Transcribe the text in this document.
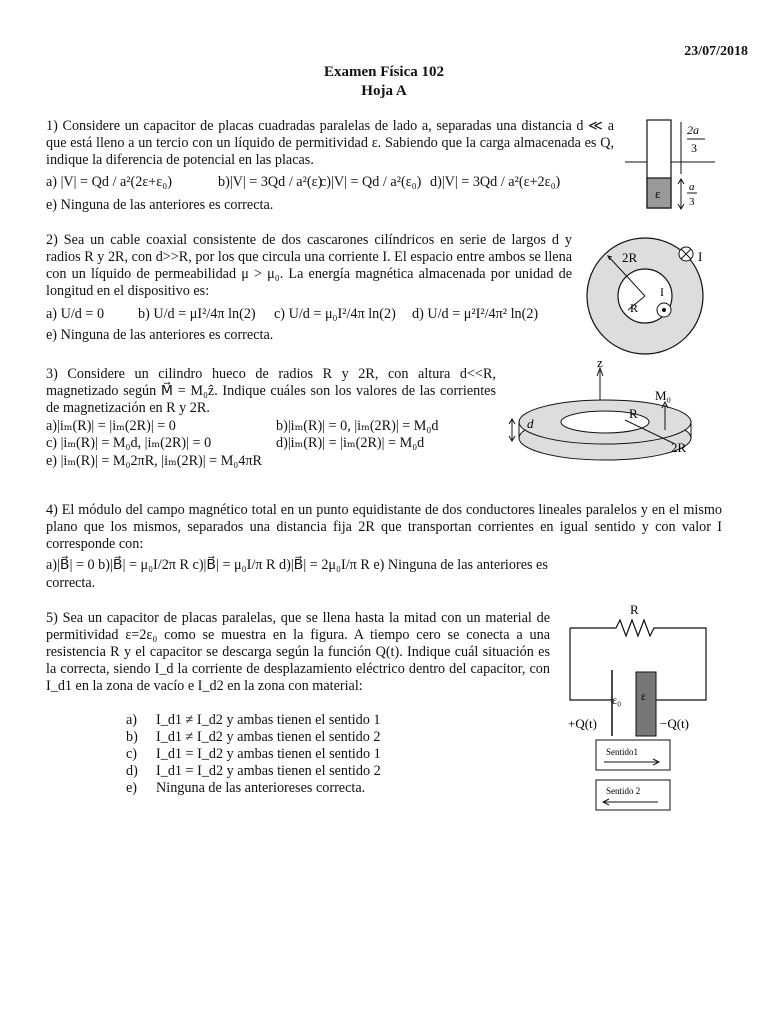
23/07/2018
Examen Física 102
Hoja A
1) Considere un capacitor de placas cuadradas paralelas de lado a, separadas una distancia d ≪ a que está lleno a un tercio con un líquido de permitividad ε. Sabiendo que la carga almacenada es Q, indique la diferencia de potencial en las placas.
a) |V| = Qd / a²(2ε+ε₀)	b)|V| = 3Qd / a²(ε)
c)|V| = Qd / a²(ε₀) d)|V| = 3Qd / a²(ε+2ε₀)
e) Ninguna de las anteriores es correcta.
ε
2a
3
a
3
2) Sea un cable coaxial consistente de dos cascarones cilíndricos en serie de largos d y radios R y 2R, con d>>R, por los que circula una corriente I. El espacio entre ambos se llena con un líquido de permeabilidad μ > μ₀. La energía magnética almacenada por unidad de longitud en el dispositivo es:
a) U/d = 0 b) U/d = μI²/4π ln(2) c) U/d = μ₀I²/4π ln(2) d) U/d = μ²I²/4π² ln(2)
e) Ninguna de las anteriores es correcta.
2R
R
I
I
3) Considere un cilindro hueco de radios R y 2R, con altura d<<R, magnetizado según M⃗ = M₀ẑ. Indique cuáles son los valores de las corrientes de magnetización en R y 2R.
a)|iₘ(R)| = |iₘ(2R)| = 0	b)|iₘ(R)| = 0, |iₘ(2R)| = M₀d
c) |iₘ(R)| = M₀d, |iₘ(2R)| = 0	d)|iₘ(R)| = |iₘ(2R)| = M₀d
e) |iₘ(R)| = M₀2πR, |iₘ(2R)| = M₀4πR
z
M₀
R
2R
d
4) El módulo del campo magnético total en un punto equidistante de dos conductores lineales paralelos y en el mismo plano que los mismos, separados una distancia fija 2R que transportan corrientes en igual sentido y con valor I corresponde con:
a)|B⃗| = 0 b)|B⃗| = μ₀I/2π R c)|B⃗| = μ₀I/π R d)|B⃗| = 2μ₀I/π R e) Ninguna de las anteriores es
correcta.
5) Sea un capacitor de placas paralelas, que se llena hasta la mitad con un material de permitividad ε=2ε₀ como se muestra en la figura. A tiempo cero se conecta a una resistencia R y el capacitor se descarga según la función Q(t). Indique cuál situación es la correcta, siendo I_d la corriente de desplazamiento eléctrico dentro del capacitor, con I_d1 en la zona de vacío e I_d2 en la zona con material:
a) I_d1 ≠ I_d2 y ambas tienen el sentido 1
b) I_d1 ≠ I_d2 y ambas tienen el sentido 2
c) I_d1 = I_d2 y ambas tienen el sentido 1
d) I_d1 = I_d2 y ambas tienen el sentido 2
e) Ninguna de las anterioreses correcta.
R
ε₀ ε
+Q(t)	−Q(t)
Sentido1
Sentido 2
